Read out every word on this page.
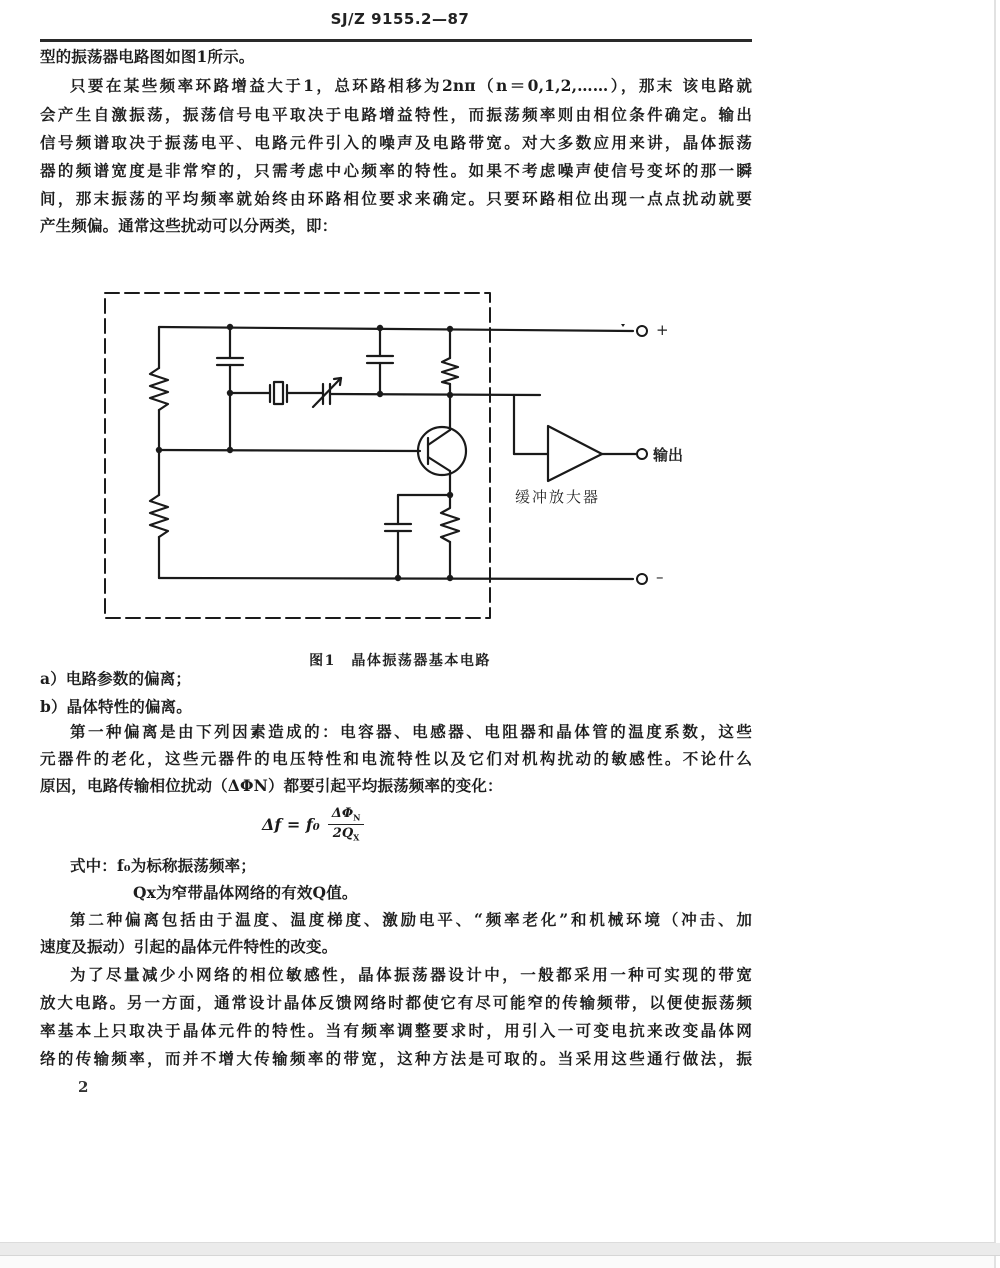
SJ/Z 9155.2—87
型的振荡器电路图如图1所示。
只要在某些频率环路增益大于1，总环路相移为2nπ（n＝0,1,2,……），那末 该电路就
会产生自激振荡，振荡信号电平取决于电路增益特性，而振荡频率则由相位条件确定。输出
信号频谱取决于振荡电平、电路元件引入的噪声及电路带宽。对大多数应用来讲，晶体振荡
器的频谱宽度是非常窄的，只需考虑中心频率的特性。如果不考虑噪声使信号变坏的那一瞬
间，那末振荡的平均频率就始终由环路相位要求来确定。只要环路相位出现一点点扰动就要
产生频偏。通常这些扰动可以分两类，即：
+
输出
–
缓冲放大器
图1　晶体振荡器基本电路
a）电路参数的偏离；
b）晶体特性的偏离。
第一种偏离是由下列因素造成的：电容器、电感器、电阻器和晶体管的温度系数，这些
元器件的老化，这些元器件的电压特性和电流特性以及它们对机构扰动的敏感性。不论什么
原因，电路传输相位扰动（ΔΦN）都要引起平均振荡频率的变化：
$\Delta f = f_0 \frac{\Delta\Phi_N}{2Q_X}$
式中：f₀为标称振荡频率；
Qx为窄带晶体网络的有效Q值。
第二种偏离包括由于温度、温度梯度、激励电平、“频率老化”和机械环境（冲击、加
速度及振动）引起的晶体元件特性的改变。
为了尽量减少小网络的相位敏感性，晶体振荡器设计中，一般都采用一种可实现的带宽
放大电路。另一方面，通常设计晶体反馈网络时都使它有尽可能窄的传输频带，以便使振荡频
率基本上只取决于晶体元件的特性。当有频率调整要求时，用引入一可变电抗来改变晶体网
络的传输频率，而并不增大传输频率的带宽，这种方法是可取的。当采用这些通行做法，振
2
